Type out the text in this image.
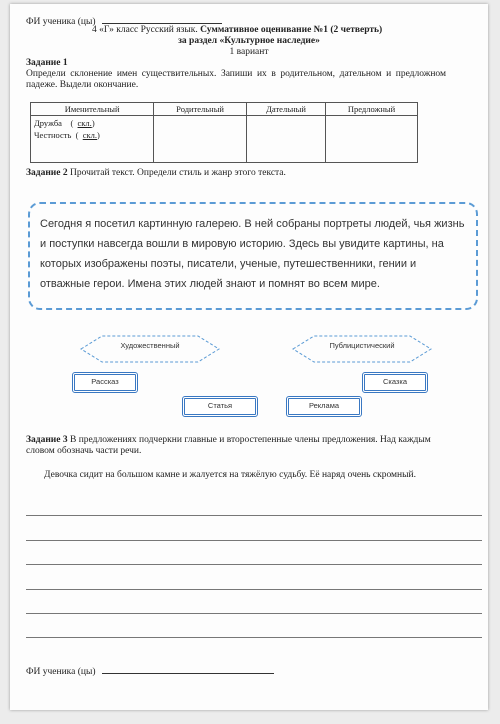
ФИ ученика (цы)
4 «Г» класс Русский язык. Суммативное оценивание №1 (2 четверть)
за раздел «Культурное наследие»
1 вариант
Задание 1
Определи склонение имен существительных. Запиши их в родительном, дательном и предложном падеже. Выдели окончание.
Именительный	Родительный	Дательный	Предложный

Дружба    (  скл.)
Честность  (  скл.)			

Задание 2 Прочитай текст. Определи стиль и жанр этого текста.

Сегодня я посетил картинную галерею. В ней собраны портреты людей, чья жизнь и поступки навсегда вошли в мировую историю. Здесь вы увидите картины, на которых изображены поэты, писатели, ученые, путешественники, гении и отважные герои. Имена этих людей знают и помнят во всем мире.

Художественный	Публицистический
Рассказ
Статья	Реклама
Сказка
Задание 3 В предложениях подчеркни главные и второстепенные члены предложения. Над каждым словом обозначь части речи.
Девочка сидит на большом камне и жалуется на тяжёлую судьбу. Её наряд очень скромный.
ФИ ученика (цы)
